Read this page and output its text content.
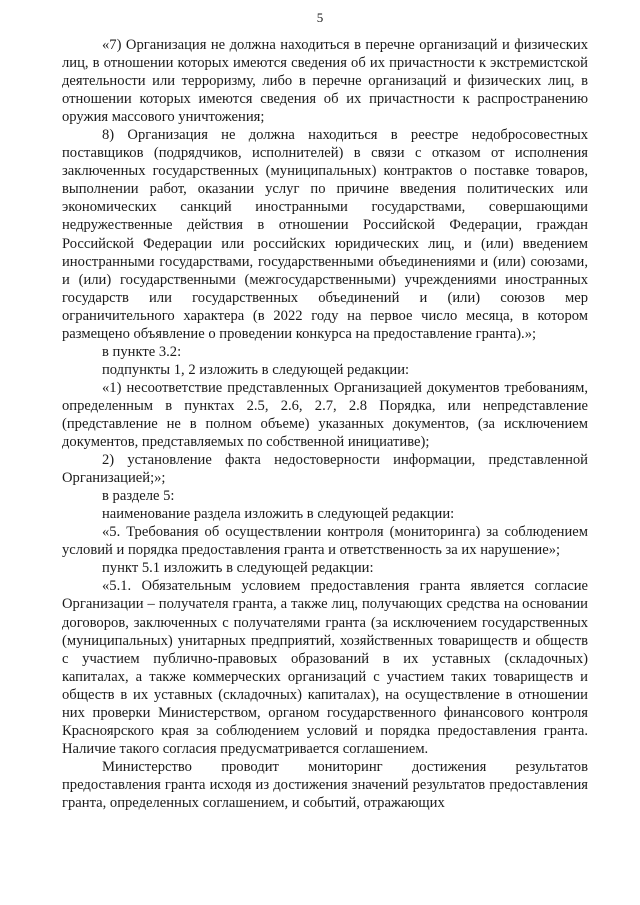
5

«7) Организация не должна находиться в перечне организаций и физических лиц, в отношении которых имеются сведения об их причастности к экстремистской деятельности или терроризму, либо в перечне организаций и физических лиц, в отношении которых имеются сведения об их причастности к распространению оружия массового уничтожения;

8) Организация не должна находиться в реестре недобросовестных поставщиков (подрядчиков, исполнителей) в связи с отказом от исполнения заключенных государственных (муниципальных) контрактов о поставке товаров, выполнении работ, оказании услуг по причине введения политических или экономических санкций иностранными государствами, совершающими недружественные действия в отношении Российской Федерации, граждан Российской Федерации или российских юридических лиц, и (или) введением иностранными государствами, государственными объединениями и (или) союзами, и (или) государственными (межгосударственными) учреждениями иностранных государств или государственных объединений и (или) союзов мер ограничительного характера (в 2022 году на первое число месяца, в котором размещено объявление о проведении конкурса на предоставление гранта).»;

в пункте 3.2:

подпункты 1, 2 изложить в следующей редакции:

«1) несоответствие представленных Организацией документов требованиям, определенным в пунктах 2.5, 2.6, 2.7, 2.8 Порядка, или непредставление (представление не в полном объеме) указанных документов, (за исключением документов, представляемых по собственной инициативе);

2) установление факта недостоверности информации, представленной Организацией;»;

в разделе 5:

наименование раздела изложить в следующей редакции:

«5. Требования об осуществлении контроля (мониторинга) за соблюдением условий и порядка предоставления гранта и ответственность за их нарушение»;

пункт 5.1 изложить в следующей редакции:

«5.1. Обязательным условием предоставления гранта является согласие Организации – получателя гранта, а также лиц, получающих средства на основании договоров, заключенных с получателями гранта (за исключением государственных (муниципальных) унитарных предприятий, хозяйственных товариществ и обществ с участием публично-правовых образований в их уставных (складочных) капиталах, а также коммерческих организаций с участием таких товариществ и обществ в их уставных (складочных) капиталах), на осуществление в отношении них проверки Министерством, органом государственного финансового контроля Красноярского края за соблюдением условий и порядка предоставления гранта. Наличие такого согласия предусматривается соглашением.

Министерство проводит мониторинг достижения результатов предоставления гранта исходя из достижения значений результатов предоставления гранта, определенных соглашением, и событий, отражающих
